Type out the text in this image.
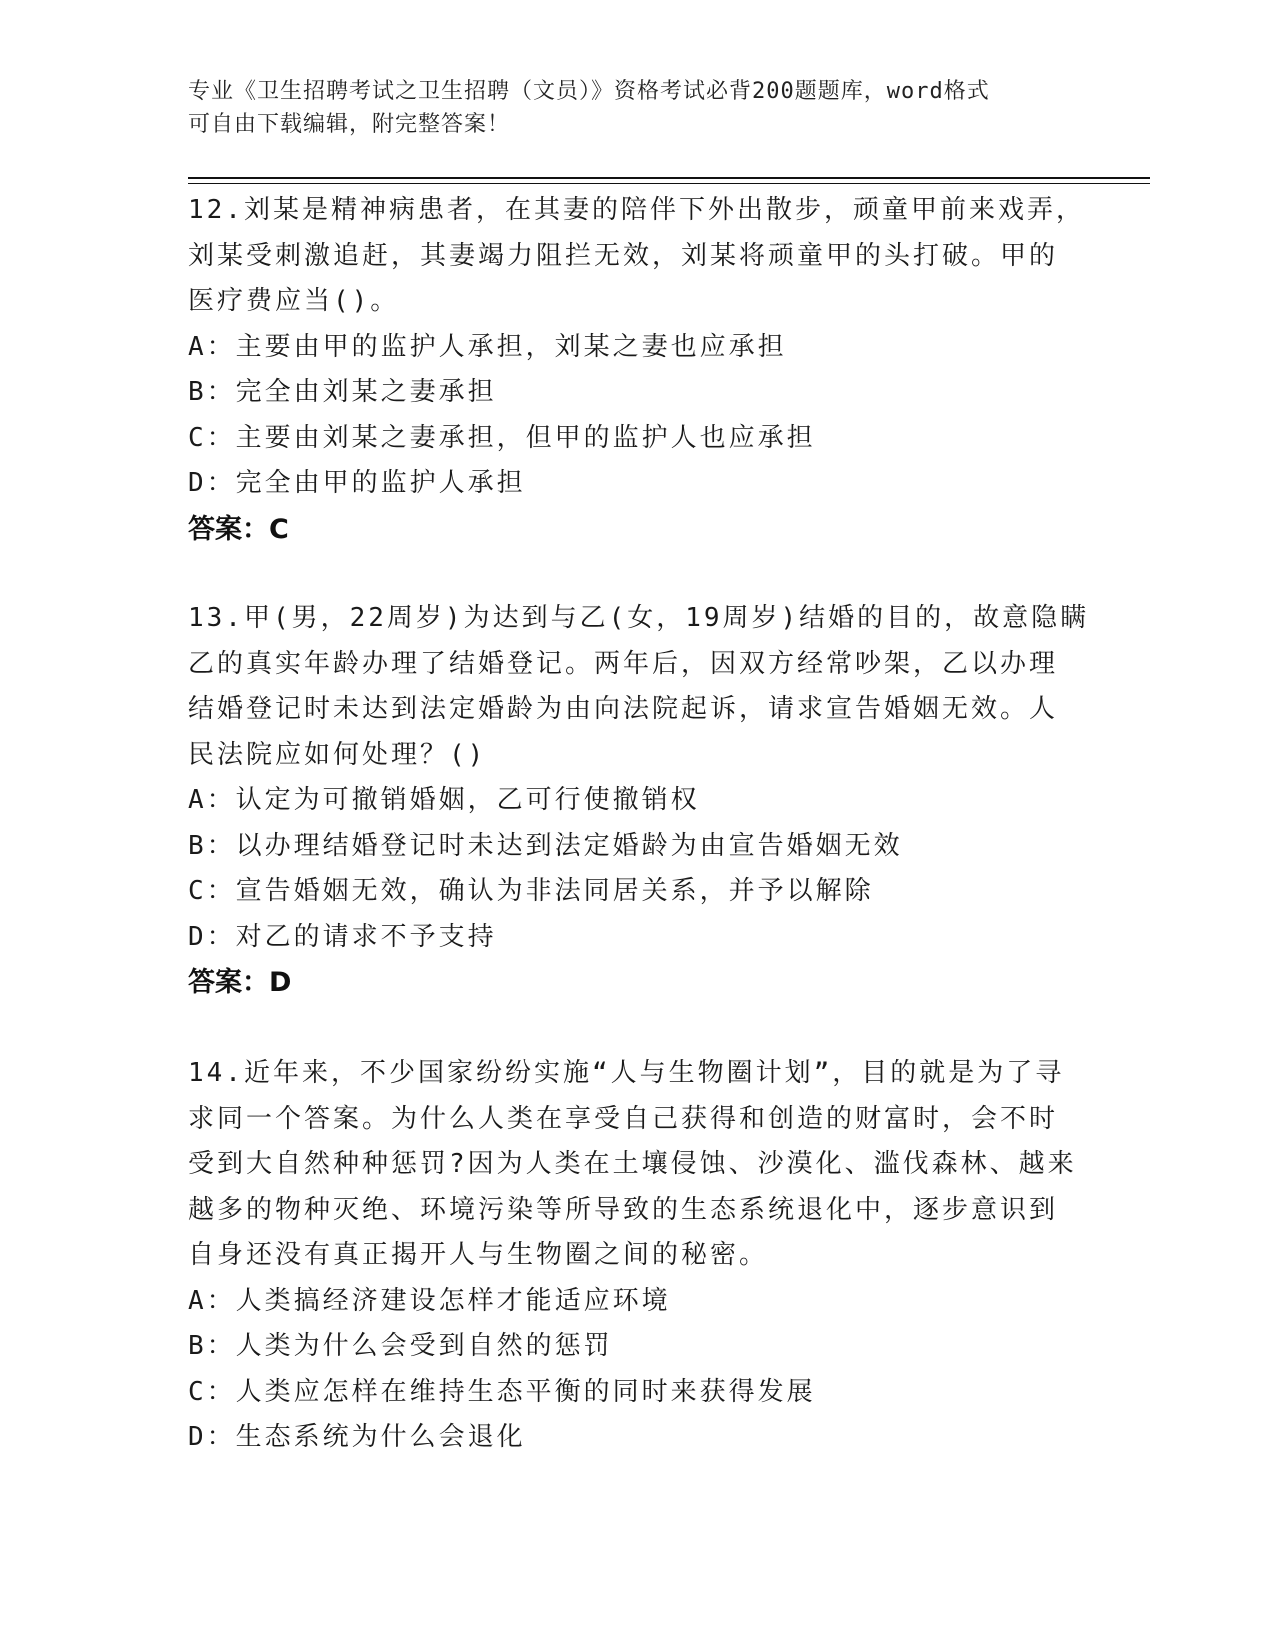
专业《卫生招聘考试之卫生招聘（文员）》资格考试必背200题题库，word格式
可自由下载编辑，附完整答案！
12.刘某是精神病患者，在其妻的陪伴下外出散步，顽童甲前来戏弄，
刘某受刺激追赶，其妻竭力阻拦无效，刘某将顽童甲的头打破。甲的
医疗费应当()。
A：主要由甲的监护人承担，刘某之妻也应承担
B：完全由刘某之妻承担
C：主要由刘某之妻承担，但甲的监护人也应承担
D：完全由甲的监护人承担
答案：C
13.甲(男，22周岁)为达到与乙(女，19周岁)结婚的目的，故意隐瞒
乙的真实年龄办理了结婚登记。两年后，因双方经常吵架，乙以办理
结婚登记时未达到法定婚龄为由向法院起诉，请求宣告婚姻无效。人
民法院应如何处理？()
A：认定为可撤销婚姻，乙可行使撤销权
B：以办理结婚登记时未达到法定婚龄为由宣告婚姻无效
C：宣告婚姻无效，确认为非法同居关系，并予以解除
D：对乙的请求不予支持
答案：D
14.近年来，不少国家纷纷实施“人与生物圈计划”，目的就是为了寻
求同一个答案。为什么人类在享受自己获得和创造的财富时，会不时
受到大自然种种惩罚?因为人类在土壤侵蚀、沙漠化、滥伐森林、越来
越多的物种灭绝、环境污染等所导致的生态系统退化中，逐步意识到
自身还没有真正揭开人与生物圈之间的秘密。
A：人类搞经济建设怎样才能适应环境
B：人类为什么会受到自然的惩罚
C：人类应怎样在维持生态平衡的同时来获得发展
D：生态系统为什么会退化
